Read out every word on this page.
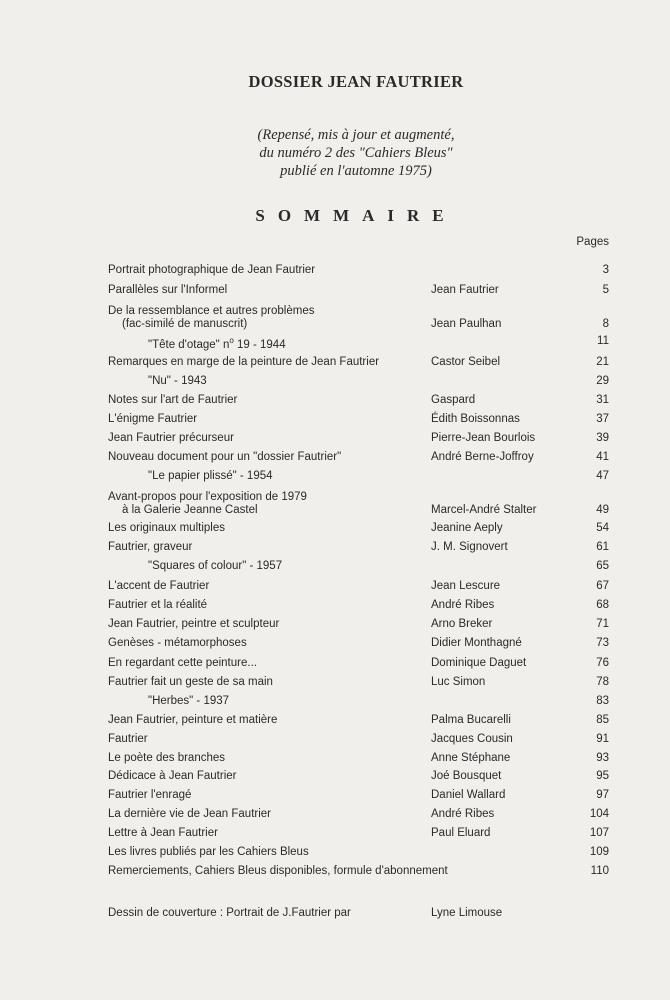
DOSSIER JEAN FAUTRIER
(Repensé, mis à jour et augmenté,
du numéro 2 des "Cahiers Bleus"
publié en l'automne 1975)
SOMMAIRE
Pages
Portrait photographique de Jean Fautrier	3
Parallèles sur l'Informel	Jean Fautrier	5
De la ressemblance et autres problèmes
(fac-similé de manuscrit)	Jean Paulhan	8
"Tête d'otage" $n^o$ 19 - 1944	11
Remarques en marge de la peinture de Jean Fautrier	Castor Seibel	21
"Nu" - 1943	29
Notes sur l'art de Fautrier	Gaspard	31
L'énigme Fautrier	Édith Boissonnas	37
Jean Fautrier précurseur	Pierre-Jean Bourlois	39
Nouveau document pour un "dossier Fautrier"	André Berne-Joffroy	41
"Le papier plissé" - 1954	47
Avant-propos pour l'exposition de 1979
à la Galerie Jeanne Castel	Marcel-André Stalter	49
Les originaux multiples	Jeanine Aeply	54
Fautrier, graveur	J. M. Signovert	61
"Squares of colour" - 1957	65
L'accent de Fautrier	Jean Lescure	67
Fautrier et la réalité	André Ribes	68
Jean Fautrier, peintre et sculpteur	Arno Breker	71
Genèses - métamorphoses	Didier Monthagné	73
En regardant cette peinture...	Dominique Daguet	76
Fautrier fait un geste de sa main	Luc Simon	78
"Herbes" - 1937	83
Jean Fautrier, peinture et matière	Palma Bucarelli	85
Fautrier	Jacques Cousin	91
Le poète des branches	Anne Stéphane	93
Dédicace à Jean Fautrier	Joé Bousquet	95
Fautrier l'enragé	Daniel Wallard	97
La dernière vie de Jean Fautrier	André Ribes	104
Lettre à Jean Fautrier	Paul Eluard	107
Les livres publiés par les Cahiers Bleus	109
Remerciements, Cahiers Bleus disponibles, formule d'abonnement	110
Dessin de couverture : Portrait de J.Fautrier par	Lyne Limouse
